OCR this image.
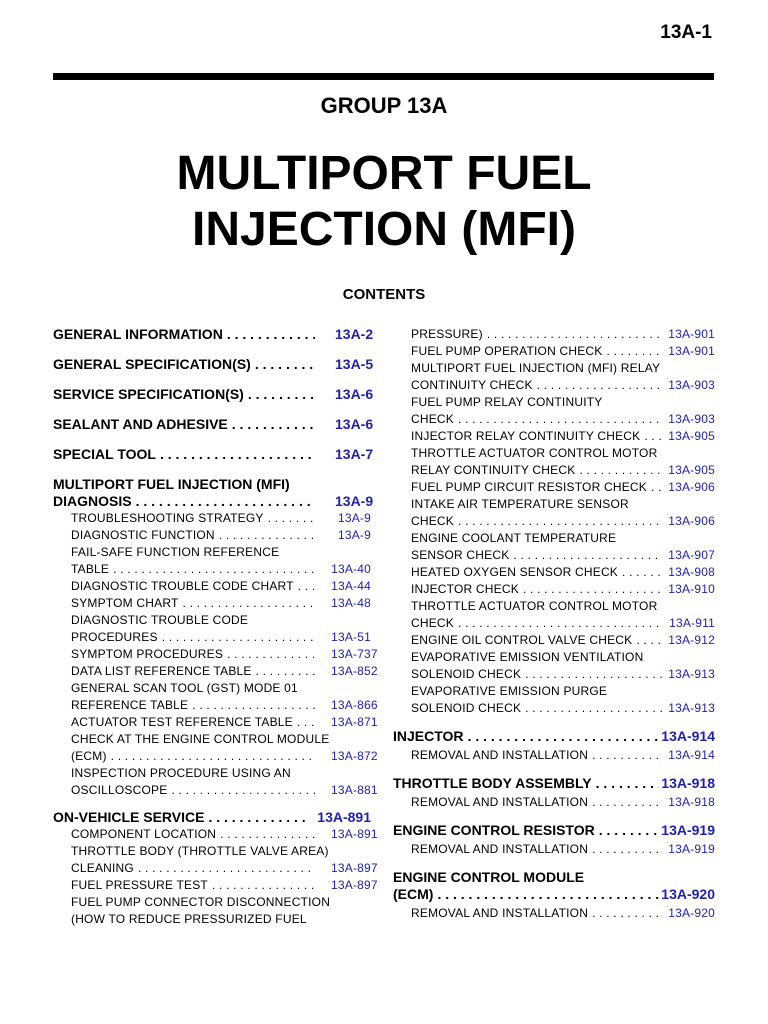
13A-1
GROUP 13A
MULTIPORT FUEL
INJECTION (MFI)
CONTENTS
GENERAL INFORMATION . . .	13A-2
GENERAL SPECIFICATION(S) . . .	13A-5
SERVICE SPECIFICATION(S) . . .	13A-6
SEALANT AND ADHESIVE . . .	13A-6
SPECIAL TOOL . . .	13A-7
MULTIPORT FUEL INJECTION (MFI)
DIAGNOSIS . . .	13A-9
TROUBLESHOOTING STRATEGY . . .	13A-9
DIAGNOSTIC FUNCTION . . .	13A-9
FAIL-SAFE FUNCTION REFERENCE
TABLE . . .	13A-40
DIAGNOSTIC TROUBLE CODE CHART . . .	13A-44
SYMPTOM CHART . . .	13A-48
DIAGNOSTIC TROUBLE CODE
PROCEDURES . . .	13A-51
SYMPTOM PROCEDURES . . .	13A-737
DATA LIST REFERENCE TABLE . . .	13A-852
GENERAL SCAN TOOL (GST) MODE 01
REFERENCE TABLE . . .	13A-866
ACTUATOR TEST REFERENCE TABLE . . .	13A-871
CHECK AT THE ENGINE CONTROL MODULE
(ECM) . . .	13A-872
INSPECTION PROCEDURE USING AN
OSCILLOSCOPE . . .	13A-881
ON-VEHICLE SERVICE . . .	13A-891
COMPONENT LOCATION . . .	13A-891
THROTTLE BODY (THROTTLE VALVE AREA)
CLEANING . . .	13A-897
FUEL PRESSURE TEST . . .	13A-897
FUEL PUMP CONNECTOR DISCONNECTION
(HOW TO REDUCE PRESSURIZED FUEL
PRESSURE) . . .	13A-901
FUEL PUMP OPERATION CHECK . . .	13A-901
MULTIPORT FUEL INJECTION (MFI) RELAY
CONTINUITY CHECK . . .	13A-903
FUEL PUMP RELAY CONTINUITY
CHECK . . .	13A-903
INJECTOR RELAY CONTINUITY CHECK . . . 13A-905
THROTTLE ACTUATOR CONTROL MOTOR
RELAY CONTINUITY CHECK . . .	13A-905
FUEL PUMP CIRCUIT RESISTOR CHECK . . . 13A-906
INTAKE AIR TEMPERATURE SENSOR
CHECK . . .	13A-906
ENGINE COOLANT TEMPERATURE
SENSOR CHECK . . .	13A-907
HEATED OXYGEN SENSOR CHECK . . .	13A-908
INJECTOR CHECK . . .	13A-910
THROTTLE ACTUATOR CONTROL MOTOR
CHECK . . .	13A-911
ENGINE OIL CONTROL VALVE CHECK . . .	13A-912
EVAPORATIVE EMISSION VENTILATION
SOLENOID CHECK . . .	13A-913
EVAPORATIVE EMISSION PURGE
SOLENOID CHECK . . .	13A-913
INJECTOR . . .	13A-914
REMOVAL AND INSTALLATION . . .	13A-914
THROTTLE BODY ASSEMBLY . . .	13A-918
REMOVAL AND INSTALLATION . . .	13A-918
ENGINE CONTROL RESISTOR . . .	13A-919
REMOVAL AND INSTALLATION . . .	13A-919
ENGINE CONTROL MODULE
(ECM) . . .	13A-920
REMOVAL AND INSTALLATION . . .	13A-920
